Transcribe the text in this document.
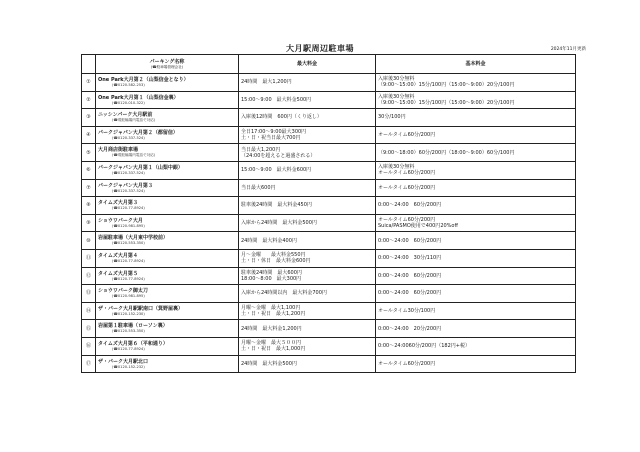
大月駅周辺駐車場	2024年11月更新
	パーキング名称
(☎駐車場管理会社)	最大料金	基本料金
①	One Park大月第２（山梨信金となり）
(☎0120-582-253)	24時間　最大1,200円	入庫後30分無料
（9:00～15:00）15分/100円（15:00～9:00）20分/100円

②	One Park大月第１（山梨信金裏）
(☎0120-010-322)	15:00～9:00　最大料金500円	入庫後30分無料
（9:00～15:00）15分/100円（15:00～9:00）20分/100円

③	ニッシンパーク大月駅前
(☎現駐輪場内電話で対応)	入庫後12時間　600円（くり返し）	30分/100円

④	パークジャパン大月第２（都留信）
(☎0120-337-524)	全日17:00～9:00最大300円
土・日・祝当日最大700円	オールタイム60分/200円

⑤	大月商店街駐車場
(☎現駐輪場内電話で対応)	当日最大1,200円
（24:00を超えると過盛される）	（9:00～18:00）60分/200円（18:00～9:00）60分/100円

⑥	パークジャパン大月第１（山梨中銀）
(☎0120-337-524)	15:00～9:00　最大料金600円	入庫後30分無料
オールタイム60分/200円

⑦	パークジャパン大月第３
(☎0120-337-524)	当日最大600円	オールタイム60分/200円

⑧	タイムズ大月第３
(☎0120-77-8924)	駐車後24時間　最大料金450円	0:00～24:00　60分/200円

⑨	ショウワパーク大月
(☎0120-981-895)	入庫から24時間　最大料金500円	オールタイム60分/200円
Suica/PASMO使用で400円20%off

⑩	岩屋駐車場（大月東中学校前）
(☎0120-553-350)	24時間　最大料金400円	0:00～24:00　60分/200円

⑪	タイムズ大月第４
(☎0120-77-8924)	月～金曜　　最大料金550円
土・日・休日　最大料金600円	0:00～24:00　30分/110円

⑫	タイムズ大月第５
(☎0120-77-8924)	駐車後24時間　最大600円
18:00～8:00　最大300円	0:00～24:00　60分/200円

⑬	ショウワパーク御太刀
(☎0120-981-895)	入庫から24時間以内　最大料金700円	0:00～24:00　60分/200円

⑭	ザ・パーク大月駅駅南口（箕野屋裏）
(☎0120-152-230)	月曜～金曜　最大1,100円
土・日・祝日　最大1,200円	オールタイム30分/100円

⑮	岩屋第１駐車場（ローソン裏）
(☎0120-553-350)	24時間　最大料金1,200円	0:00～24:00　20分/200円

⑯	タイムズ大月第６（平和通り）
(☎0120-77-8924)	月曜～金曜　最大５００円
土・日・祝日　最大1,000円	0:00～24:0060分/200円（182円+税）

⑰	ザ・パーク大月駅北口
(☎0120-152-232)	24時間　最大料金500円	オールタイム60分/200円
